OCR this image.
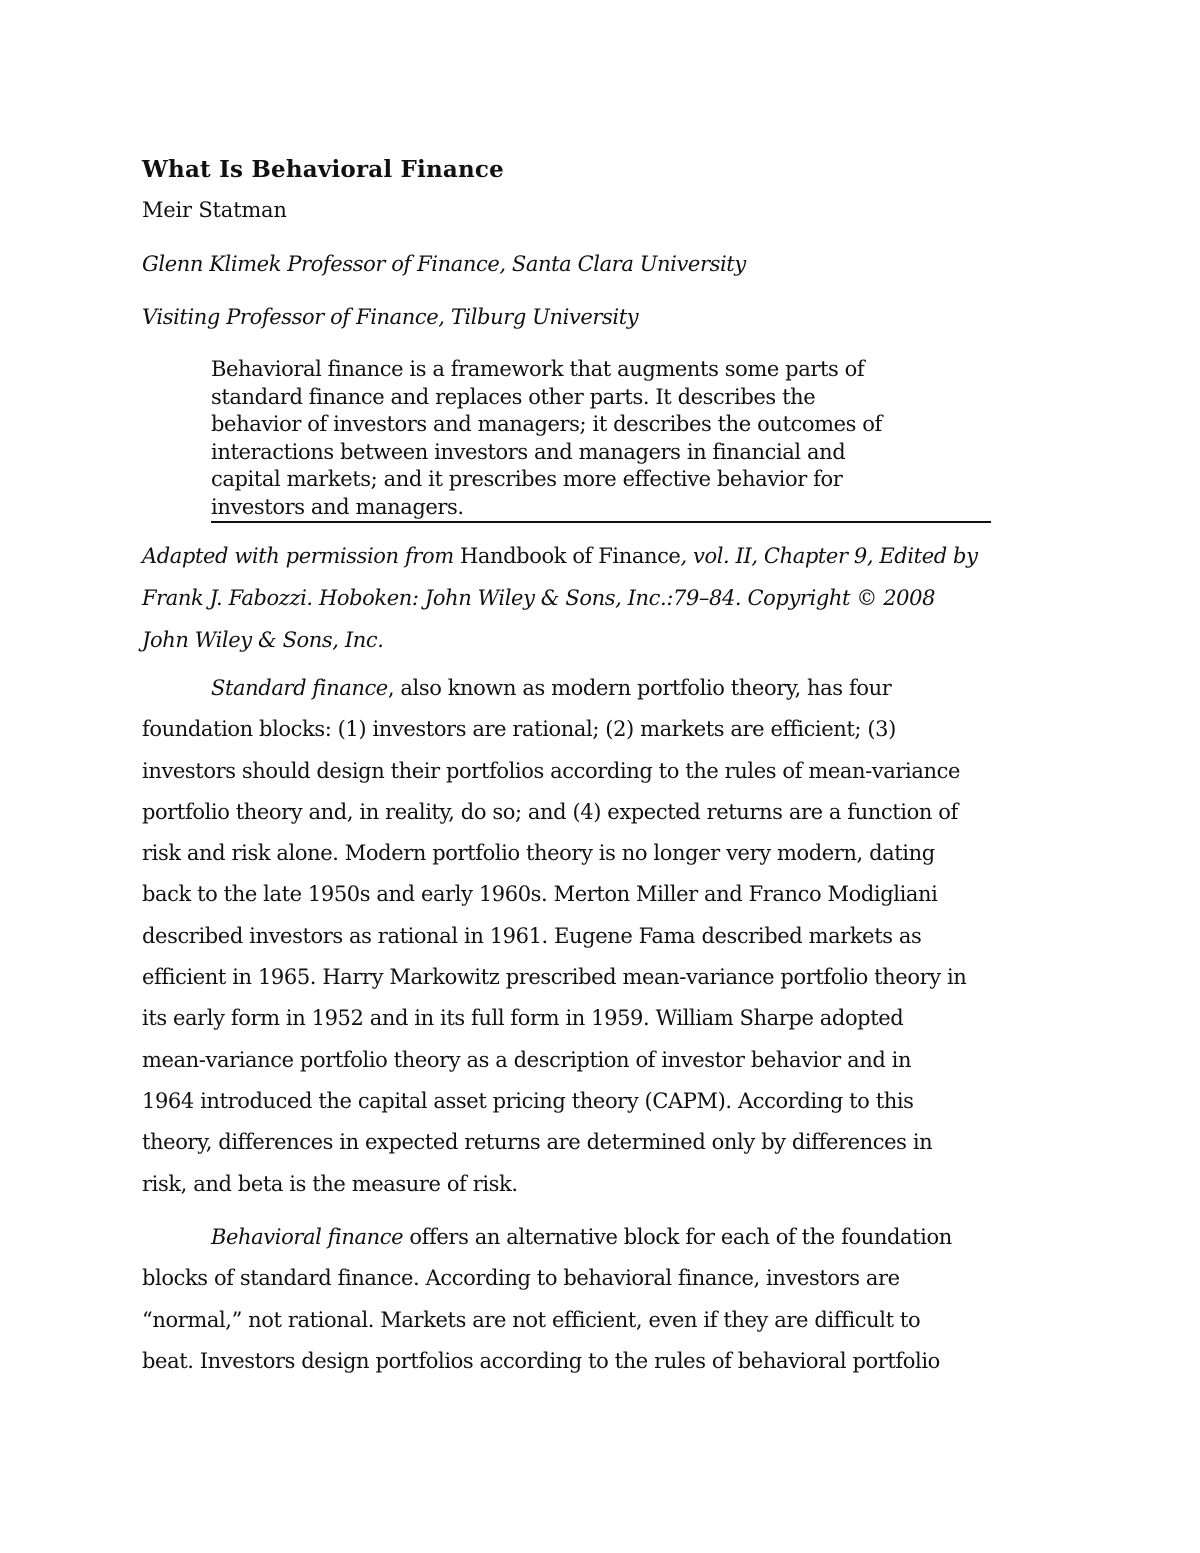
What Is Behavioral Finance
Meir Statman
Glenn Klimek Professor of Finance, Santa Clara University
Visiting Professor of Finance, Tilburg University
Behavioral finance is a framework that augments some parts of
standard finance and replaces other parts. It describes the
behavior of investors and managers; it describes the outcomes of
interactions between investors and managers in financial and
capital markets; and it prescribes more effective behavior for
investors and managers.
Adapted with permission from Handbook of Finance, vol. II, Chapter 9, Edited by
Frank J. Fabozzi. Hoboken: John Wiley & Sons, Inc.:79–84. Copyright © 2008
John Wiley & Sons, Inc.
Standard finance, also known as modern portfolio theory, has four
foundation blocks: (1) investors are rational; (2) markets are efficient; (3)
investors should design their portfolios according to the rules of mean-variance
portfolio theory and, in reality, do so; and (4) expected returns are a function of
risk and risk alone. Modern portfolio theory is no longer very modern, dating
back to the late 1950s and early 1960s. Merton Miller and Franco Modigliani
described investors as rational in 1961. Eugene Fama described markets as
efficient in 1965. Harry Markowitz prescribed mean-variance portfolio theory in
its early form in 1952 and in its full form in 1959. William Sharpe adopted
mean-variance portfolio theory as a description of investor behavior and in
1964 introduced the capital asset pricing theory (CAPM). According to this
theory, differences in expected returns are determined only by differences in
risk, and beta is the measure of risk.
Behavioral finance offers an alternative block for each of the foundation
blocks of standard finance. According to behavioral finance, investors are
“normal,” not rational. Markets are not efficient, even if they are difficult to
beat. Investors design portfolios according to the rules of behavioral portfolio
